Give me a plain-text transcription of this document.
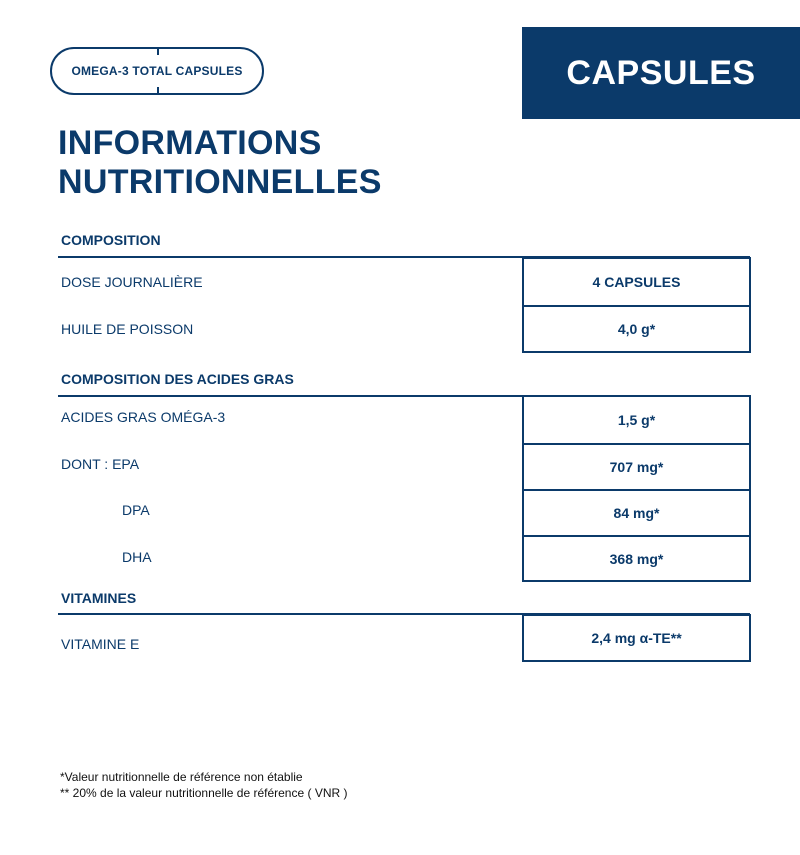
OMEGA-3 TOTAL CAPSULES	CAPSULES
INFORMATIONS
NUTRITIONNELLES
COMPOSITION
DOSE JOURNALIÈRE
HUILE DE POISSON
4 CAPSULES
4,0 g*
COMPOSITION DES ACIDES GRAS
ACIDES GRAS OMÉGA-3
DONT : EPA
DPA
DHA
1,5 g*
707 mg*
84 mg*
368 mg*
VITAMINES
VITAMINE E	2,4 mg α-TE**
*Valeur nutritionnelle de référence non établie
** 20% de la valeur nutritionnelle de référence ( VNR )
